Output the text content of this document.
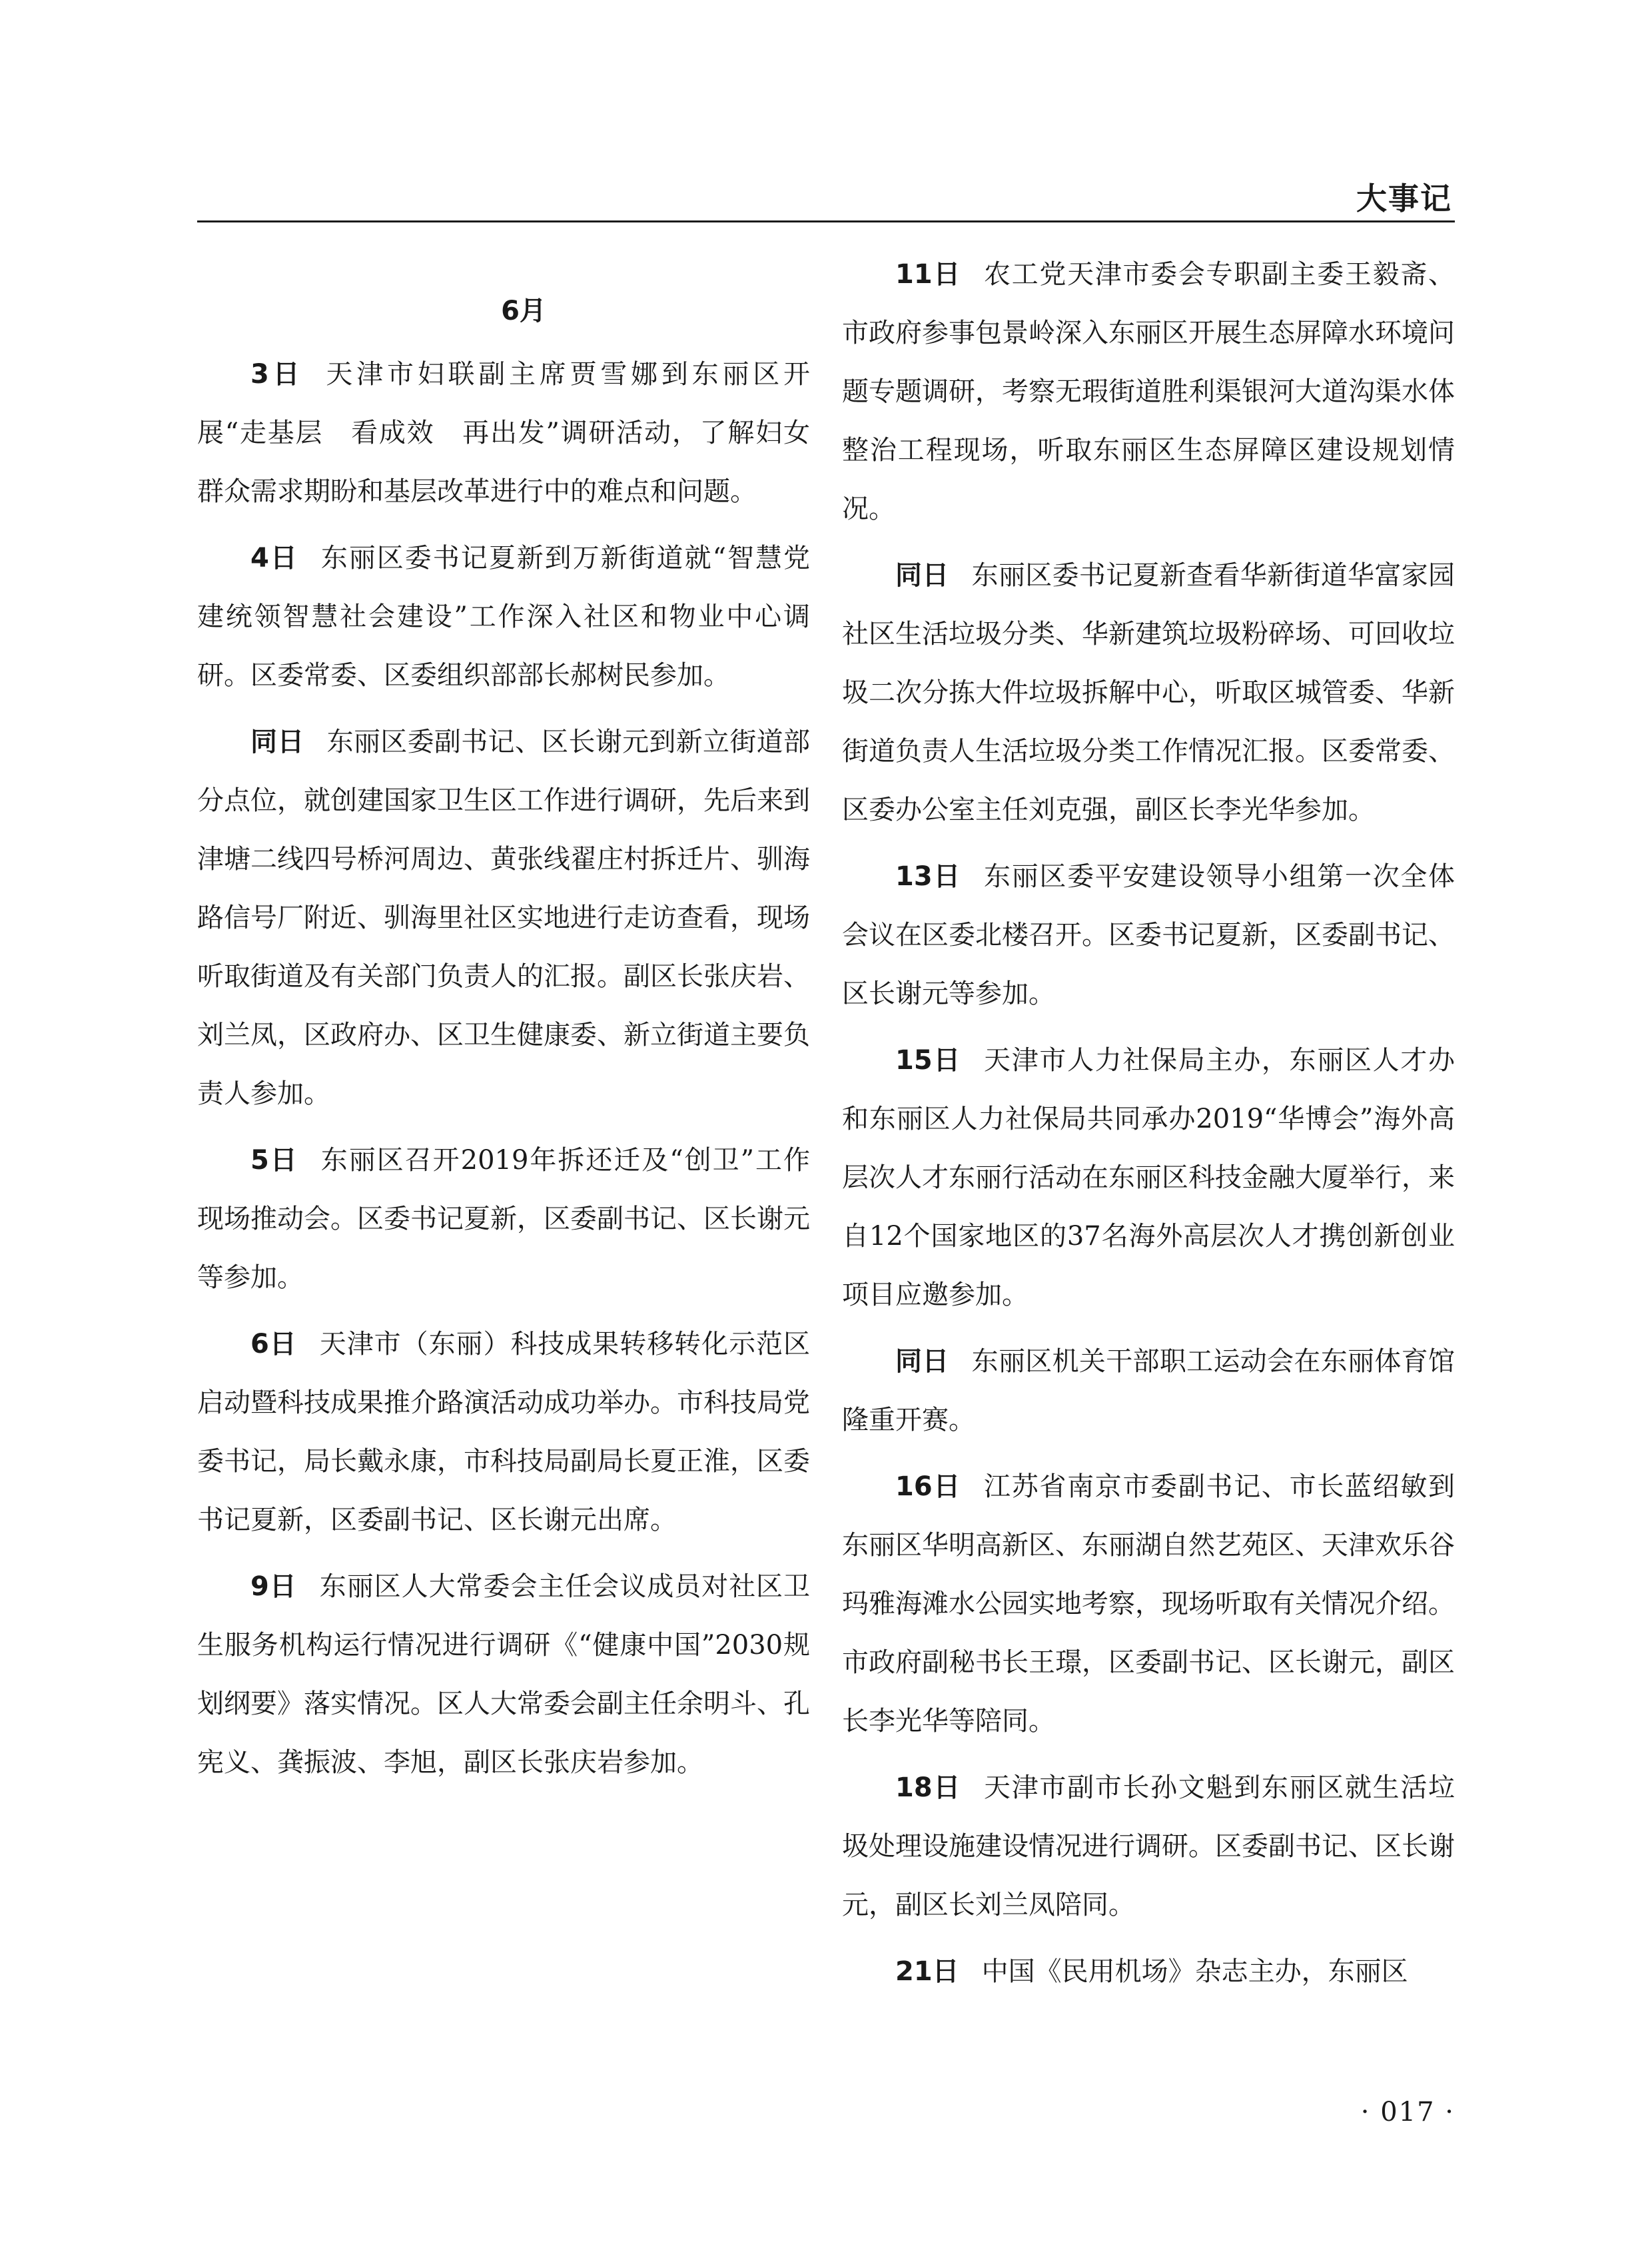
大事记
6月

3日 天津市妇联副主席贾雪娜到东丽区开展“走基层　看成效　再出发”调研活动，了解妇女群众需求期盼和基层改革进行中的难点和问题。

4日 东丽区委书记夏新到万新街道就“智慧党建统领智慧社会建设”工作深入社区和物业中心调研。区委常委、区委组织部部长郝树民参加。

同日 东丽区委副书记、区长谢元到新立街道部分点位，就创建国家卫生区工作进行调研，先后来到津塘二线四号桥河周边、黄张线翟庄村拆迁片、驯海路信号厂附近、驯海里社区实地进行走访查看，现场听取街道及有关部门负责人的汇报。副区长张庆岩、刘兰凤，区政府办、区卫生健康委、新立街道主要负责人参加。

5日 东丽区召开2019年拆还迁及“创卫”工作现场推动会。区委书记夏新，区委副书记、区长谢元等参加。

6日 天津市（东丽）科技成果转移转化示范区启动暨科技成果推介路演活动成功举办。市科技局党委书记，局长戴永康，市科技局副局长夏正淮，区委书记夏新，区委副书记、区长谢元出席。

9日 东丽区人大常委会主任会议成员对社区卫生服务机构运行情况进行调研《“健康中国”2030规划纲要》落实情况。区人大常委会副主任余明斗、孔宪义、龚振波、李旭，副区长张庆岩参加。

11日 农工党天津市委会专职副主委王毅斋、市政府参事包景岭深入东丽区开展生态屏障水环境问题专题调研，考察无瑕街道胜利渠银河大道沟渠水体整治工程现场，听取东丽区生态屏障区建设规划情况。

同日 东丽区委书记夏新查看华新街道华富家园社区生活垃圾分类、华新建筑垃圾粉碎场、可回收垃圾二次分拣大件垃圾拆解中心，听取区城管委、华新街道负责人生活垃圾分类工作情况汇报。区委常委、区委办公室主任刘克强，副区长李光华参加。

13日 东丽区委平安建设领导小组第一次全体会议在区委北楼召开。区委书记夏新，区委副书记、区长谢元等参加。

15日 天津市人力社保局主办，东丽区人才办和东丽区人力社保局共同承办2019“华博会”海外高层次人才东丽行活动在东丽区科技金融大厦举行，来自12个国家地区的37名海外高层次人才携创新创业项目应邀参加。

同日 东丽区机关干部职工运动会在东丽体育馆隆重开赛。

16日 江苏省南京市委副书记、市长蓝绍敏到东丽区华明高新区、东丽湖自然艺苑区、天津欢乐谷玛雅海滩水公园实地考察，现场听取有关情况介绍。市政府副秘书长王璟，区委副书记、区长谢元，副区长李光华等陪同。

18日 天津市副市长孙文魁到东丽区就生活垃圾处理设施建设情况进行调研。区委副书记、区长谢元，副区长刘兰凤陪同。

21日 中国《民用机场》杂志主办，东丽区

· 017 ·
